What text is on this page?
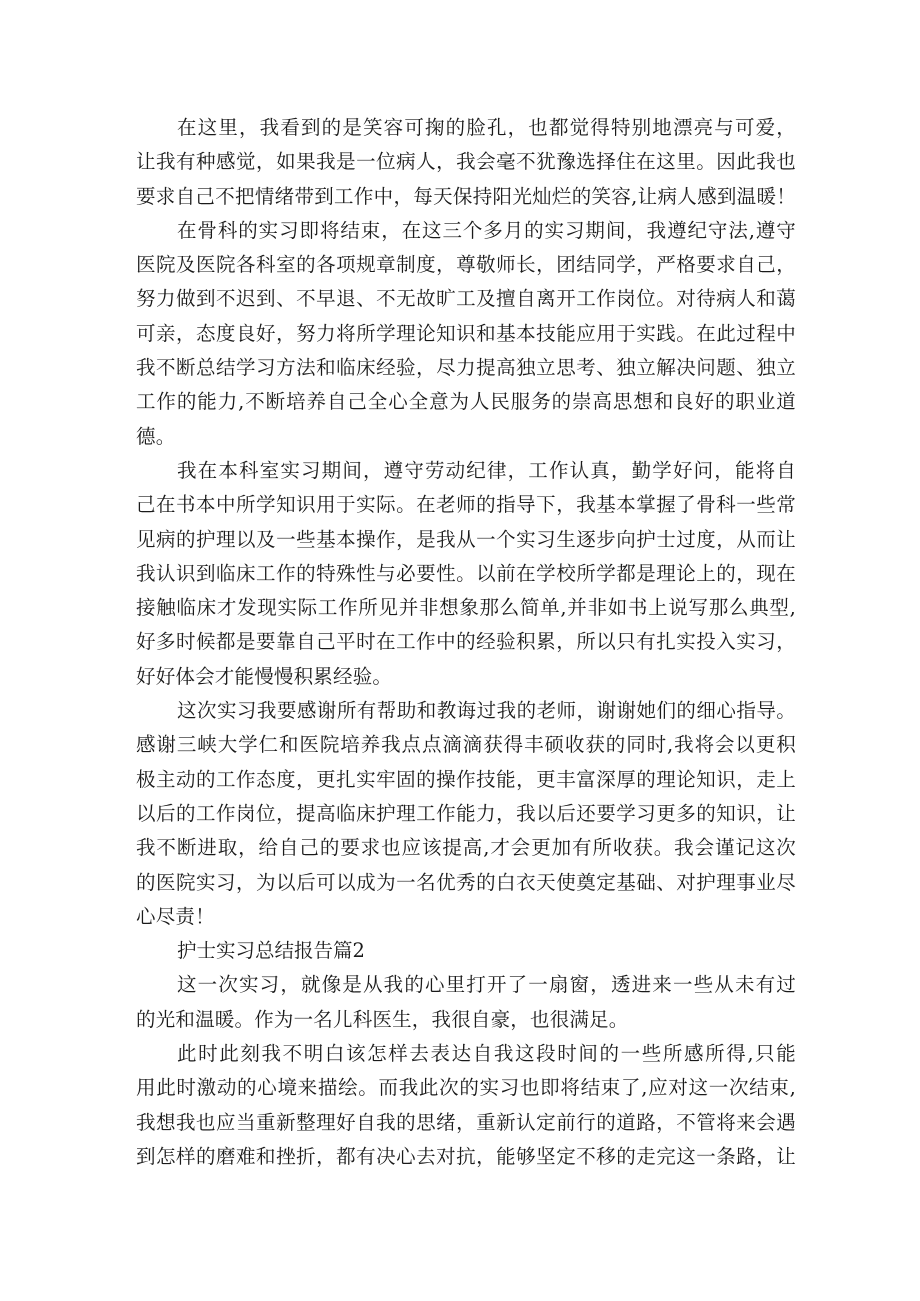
在这里，我看到的是笑容可掬的脸孔，也都觉得特别地漂亮与可爱，
让我有种感觉，如果我是一位病人，我会毫不犹豫选择住在这里。因此我也
要求自己不把情绪带到工作中，每天保持阳光灿烂的笑容,让病人感到温暖！
在骨科的实习即将结束，在这三个多月的实习期间，我遵纪守法,遵守
医院及医院各科室的各项规章制度，尊敬师长，团结同学，严格要求自己，
努力做到不迟到、不早退、不无故旷工及擅自离开工作岗位。对待病人和蔼
可亲，态度良好，努力将所学理论知识和基本技能应用于实践。在此过程中
我不断总结学习方法和临床经验，尽力提高独立思考、独立解决问题、独立
工作的能力,不断培养自己全心全意为人民服务的崇高思想和良好的职业道
德。
我在本科室实习期间，遵守劳动纪律，工作认真，勤学好问，能将自
己在书本中所学知识用于实际。在老师的指导下，我基本掌握了骨科一些常
见病的护理以及一些基本操作，是我从一个实习生逐步向护士过度，从而让
我认识到临床工作的特殊性与必要性。以前在学校所学都是理论上的，现在
接触临床才发现实际工作所见并非想象那么简单,并非如书上说写那么典型,
好多时候都是要靠自己平时在工作中的经验积累，所以只有扎实投入实习，
好好体会才能慢慢积累经验。
这次实习我要感谢所有帮助和教诲过我的老师，谢谢她们的细心指导。
感谢三峡大学仁和医院培养我点点滴滴获得丰硕收获的同时,我将会以更积
极主动的工作态度，更扎实牢固的操作技能，更丰富深厚的理论知识，走上
以后的工作岗位，提高临床护理工作能力，我以后还要学习更多的知识，让
我不断进取，给自己的要求也应该提高,才会更加有所收获。我会谨记这次
的医院实习，为以后可以成为一名优秀的白衣天使奠定基础、对护理事业尽
心尽责！
护士实习总结报告篇2
这一次实习，就像是从我的心里打开了一扇窗，透进来一些从未有过
的光和温暖。作为一名儿科医生，我很自豪，也很满足。
此时此刻我不明白该怎样去表达自我这段时间的一些所感所得,只能
用此时激动的心境来描绘。而我此次的实习也即将结束了,应对这一次结束,
我想我也应当重新整理好自我的思绪，重新认定前行的道路，不管将来会遇
到怎样的磨难和挫折，都有决心去对抗，能够坚定不移的走完这一条路，让
